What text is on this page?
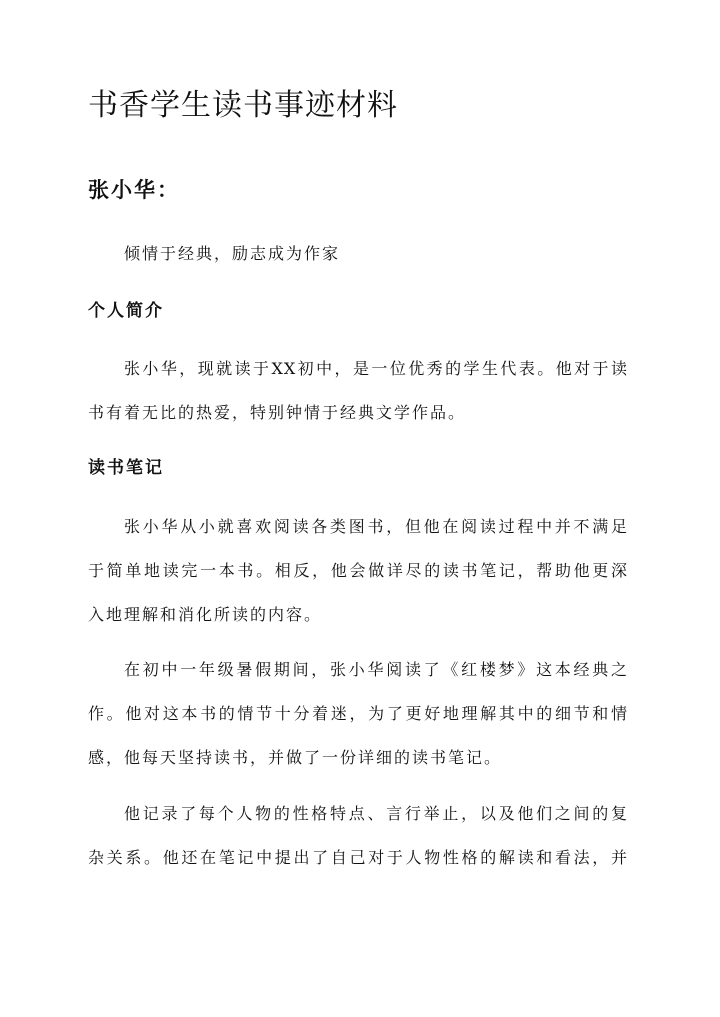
书香学生读书事迹材料
张小华：

倾情于经典，励志成为作家

个人简介
张小华，现就读于XX初中，是一位优秀的学生代表。他对于读
书有着无比的热爱，特别钟情于经典文学作品。
读书笔记
张小华从小就喜欢阅读各类图书，但他在阅读过程中并不满足
于简单地读完一本书。相反，他会做详尽的读书笔记，帮助他更深
入地理解和消化所读的内容。
在初中一年级暑假期间，张小华阅读了《红楼梦》这本经典之
作。他对这本书的情节十分着迷，为了更好地理解其中的细节和情
感，他每天坚持读书，并做了一份详细的读书笔记。
他记录了每个人物的性格特点、言行举止，以及他们之间的复
杂关系。他还在笔记中提出了自己对于人物性格的解读和看法，并
